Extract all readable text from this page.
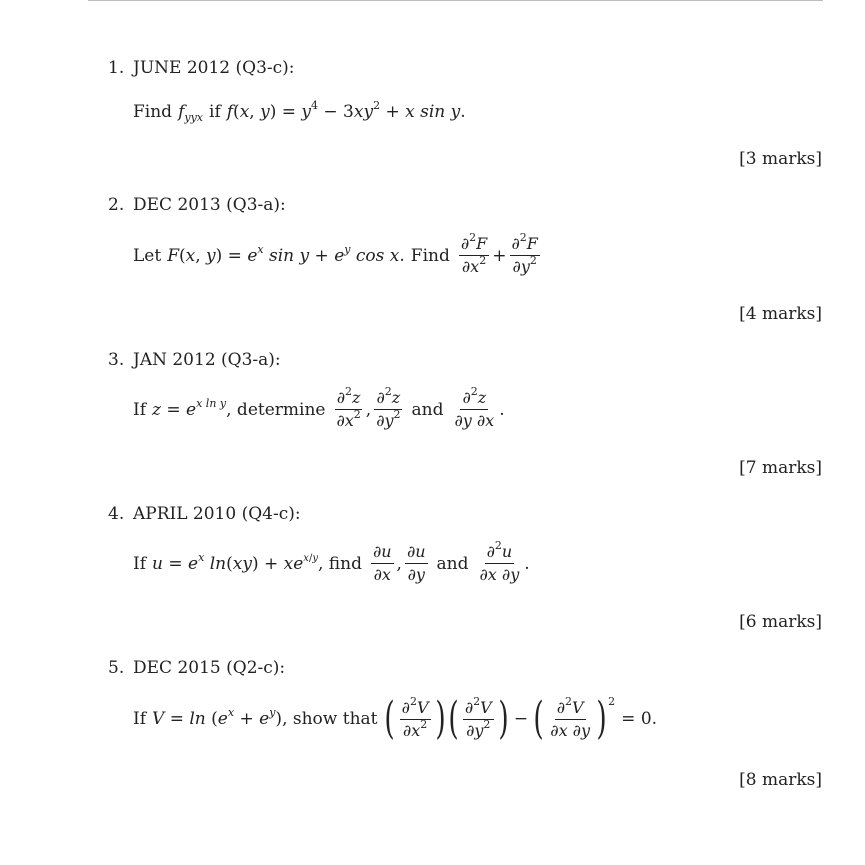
1. JUNE 2012 (Q3-c):
Find $f_{yyx}$ if f(x, $y) = y^4 - 3xy^2 + x$ sin y.
[3 marks]
2. DEC 2013 (Q3-a):
Let F(x, $y) = e^x$ $\sin y + e^y$ cos x. Find $\frac{\partial^2F}{\partial x^2} + \frac{\partial^2F}{\partial y^2}$
[4 marks]
3. JAN 2012 (Q3-a):
If $z = e^{x ln y}$ , determine $\frac{\partial^2z}{\partial x^2}$ , $\frac{\partial^2z}{\partial y^2}$ and $\frac{\partial^2z}{\partial y \partial x}$ .
[7 marks]
4. APRIL 2010 (Q4-c):
If $u = e^x$ $\ln(xy) + xe^{x/y}$ , find $\frac{\partial u}{\partial x}$ , $\frac{\partial u}{\partial y}$ and $\frac{\partial^2u}{\partial x \partial y}$ .
[6 marks]
5. DEC 2015 (Q2-c):
If $V = \ln (e^x + e^y)$ , show that ( $\frac{\partial^2V}{\partial x^2}$ ) ( $\frac{\partial^2V}{\partial y^2}$ ) − ( $\frac{\partial^2V}{\partial x \partial y}$ ) 2
= 0.
[8 marks]
